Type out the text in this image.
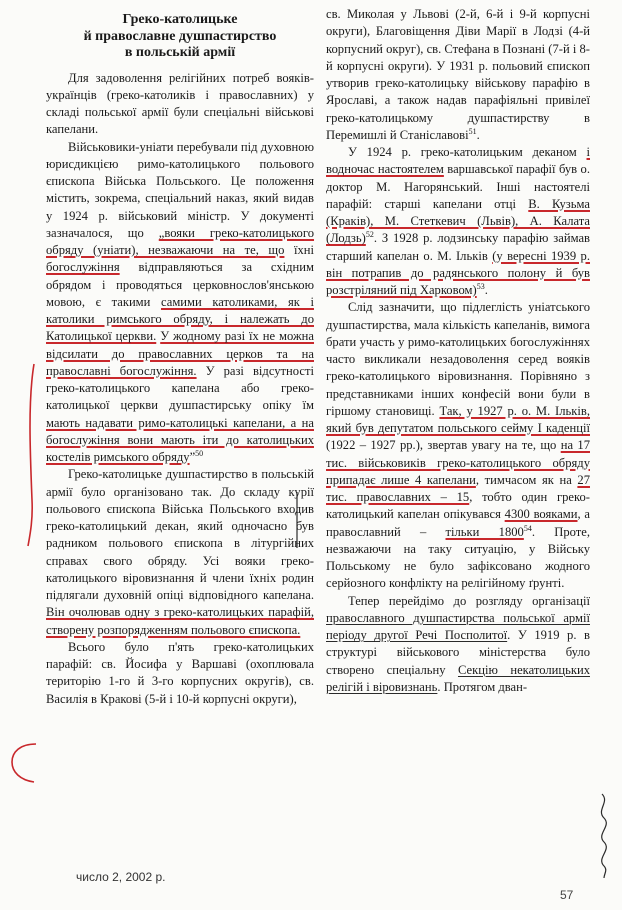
Греко-католицьке
й православне душпастирство
в польській армії

Для задоволення релігійних потреб вояків-українців (греко-католиків і православних) у складі польської армії були спеціальні військові капелани.

Військовики-уніати перебували під духовною юрисдикцією римо-католицького польового єпископа Війська Польського. Це положення містить, зокрема, спеціальний наказ, який видав у 1924 р. військовий міністр. У документі зазначалося, що „вояки греко-католицького обряду (уніати), незважаючи на те, що їхні богослужіння відправляються за східним обрядом і проводяться церковнослов'янською мовою, є такими самими католиками, як і католики римського обряду, і належать до Католицької церкви. У жодному разі їх не можна відсилати до православних церков та на православні богослужіння. У разі відсутності греко-католицького капелана або греко-католицької церкви душпастирську опіку їм мають надавати римо-католицькі капелани, а на богослужіння вони мають іти до католицьких костелів римського обряду”$^{50}$

Греко-католицьке душпастирство в польській армії було організовано так. До складу курії польового єпископа Війська Польського входив греко-католицький декан, який одночасно був радником польового єпископа в літургійних справах свого обряду. Усі вояки греко-католицького віровизнання й члени їхніх родин підлягали духовній опіці відповідного капелана. Він очолював одну з греко-католицьких парафій, створену розпорядженням польового єпископа.

Всього було п'ять греко-католицьких парафій: св. Йосифа у Варшаві (охоплювала територію 1-го й 3-го корпусних округів), св. Василія в Кракові (5-й і 10-й корпусні округи),

св. Миколая у Львові (2-й, 6-й і 9-й корпусні округи), Благовіщення Діви Марії в Лодзі (4-й корпусний округ), св. Стефана в Познані (7-й і 8-й корпусні округи). У 1931 р. польовий єпископ утворив греко-католицьку військову парафію в Ярославі, а також надав парафіяльні привілеї греко-католицькому душпастирству в Перемишлі й Станіславові$^{51}$.

У 1924 р. греко-католицьким деканом і водночас настоятелем варшавської парафії був о. доктор М. Нагорянський. Інші настоятелі парафій: старші капелани отці В. Кузьма (Краків), М. Стеткевич (Львів), А. Калата (Лодзь)$^{52}$. З 1928 р. лодзинську парафію займав старший капелан о. М. Ільків (у вересні 1939 р. він потрапив до радянського полону й був розстріляний під Харковом)$^{53}$.

Слід зазначити, що підлеглість уніатського душпастирства, мала кількість капеланів, вимога брати участь у римо-католицьких богослужіннях часто викликали незадоволення серед вояків греко-католицького віровизнання. Порівняно з представниками інших конфесій вони були в гіршому становищі. Так, у 1927 р. о. М. Ільків, який був депутатом польського сейму І каденції (1922 – 1927 рр.), звертав увагу на те, що на 17 тис. військовиків греко-католицького обряду припадає лише 4 капелани, тимчасом як на 27 тис. православних – 15, тобто один греко-католицький капелан опікувався 4300 вояками, а православний – тільки 1800$^{54}$. Проте, незважаючи на таку ситуацію, у Війську Польському не було зафіксовано жодного серйозного конфлікту на релігійному ґрунті.

Тепер перейдімо до розгляду організації православного душпастирства польської армії періоду другої Речі Посполитої. У 1919 р. в структурі військового міністерства було створено спеціальну Секцію некатолицьких релігій і віровизнань. Протягом дван-

число 2, 2002 р.
57
